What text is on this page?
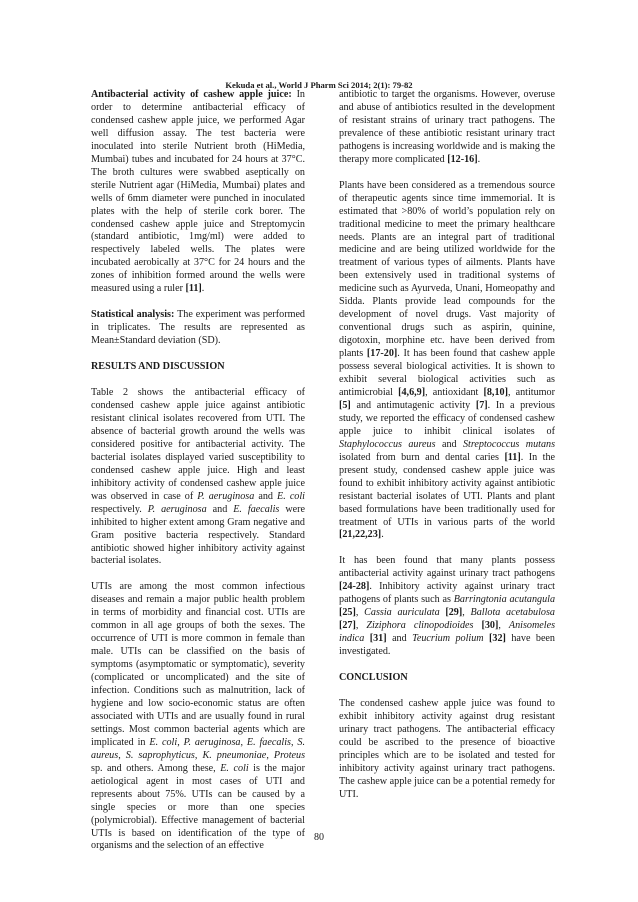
Kekuda et al., World J Pharm Sci 2014; 2(1): 79-82

Antibacterial activity of cashew apple juice: In order to determine antibacterial efficacy of condensed cashew apple juice, we performed Agar well diffusion assay. The test bacteria were inoculated into sterile Nutrient broth (HiMedia, Mumbai) tubes and incubated for 24 hours at 37°C. The broth cultures were swabbed aseptically on sterile Nutrient agar (HiMedia, Mumbai) plates and wells of 6mm diameter were punched in inoculated plates with the help of sterile cork borer. The condensed cashew apple juice and Streptomycin (standard antibiotic, 1mg/ml) were added to respectively labeled wells. The plates were incubated aerobically at 37°C for 24 hours and the zones of inhibition formed around the wells were measured using a ruler [11].

Statistical analysis: The experiment was performed in triplicates. The results are represented as Mean±Standard deviation (SD).

RESULTS AND DISCUSSION

Table 2 shows the antibacterial efficacy of condensed cashew apple juice against antibiotic resistant clinical isolates recovered from UTI. The absence of bacterial growth around the wells was considered positive for antibacterial activity. The bacterial isolates displayed varied susceptibility to condensed cashew apple juice. High and least inhibitory activity of condensed cashew apple juice was observed in case of P. aeruginosa and E. coli respectively. P. aeruginosa and E. faecalis were inhibited to higher extent among Gram negative and Gram positive bacteria respectively. Standard antibiotic showed higher inhibitory activity against bacterial isolates.

UTIs are among the most common infectious diseases and remain a major public health problem in terms of morbidity and financial cost. UTIs are common in all age groups of both the sexes. The occurrence of UTI is more common in female than male. UTIs can be classified on the basis of symptoms (asymptomatic or symptomatic), severity (complicated or uncomplicated) and the site of infection. Conditions such as malnutrition, lack of hygiene and low socio-economic status are often associated with UTIs and are usually found in rural settings. Most common bacterial agents which are implicated in E. coli, P. aeruginosa, E. faecalis, S. aureus, S. saprophyticus, K. pneumoniae, Proteus sp. and others. Among these, E. coli is the major aetiological agent in most cases of UTI and represents about 75%. UTIs can be caused by a single species or more than one species (polymicrobial). Effective management of bacterial UTIs is based on identification of the type of organisms and the selection of an effective

antibiotic to target the organisms. However, overuse and abuse of antibiotics resulted in the development of resistant strains of urinary tract pathogens. The prevalence of these antibiotic resistant urinary tract pathogens is increasing worldwide and is making the therapy more complicated [12-16].

Plants have been considered as a tremendous source of therapeutic agents since time immemorial. It is estimated that >80% of world’s population rely on traditional medicine to meet the primary healthcare needs. Plants are an integral part of traditional medicine and are being utilized worldwide for the treatment of various types of ailments. Plants have been extensively used in traditional systems of medicine such as Ayurveda, Unani, Homeopathy and Sidda. Plants provide lead compounds for the development of novel drugs. Vast majority of conventional drugs such as aspirin, quinine, digotoxin, morphine etc. have been derived from plants [17-20]. It has been found that cashew apple possess several biological activities. It is shown to exhibit several biological activities such as antimicrobial [4,6,9], antioxidant [8,10], antitumor [5] and antimutagenic activity [7]. In a previous study, we reported the efficacy of condensed cashew apple juice to inhibit clinical isolates of Staphylococcus aureus and Streptococcus mutans isolated from burn and dental caries [11]. In the present study, condensed cashew apple juice was found to exhibit inhibitory activity against antibiotic resistant bacterial isolates of UTI. Plants and plant based formulations have been traditionally used for treatment of UTIs in various parts of the world [21,22,23].

It has been found that many plants possess antibacterial activity against urinary tract pathogens [24-28]. Inhibitory activity against urinary tract pathogens of plants such as Barringtonia acutangula [25], Cassia auriculata [29], Ballota acetabulosa [27], Ziziphora clinopodioides [30], Anisomeles indica [31] and Teucrium polium [32] have been investigated.

CONCLUSION

The condensed cashew apple juice was found to exhibit inhibitory activity against drug resistant urinary tract pathogens. The antibacterial efficacy could be ascribed to the presence of bioactive principles which are to be isolated and tested for inhibitory activity against urinary tract pathogens. The cashew apple juice can be a potential remedy for UTI.

80
